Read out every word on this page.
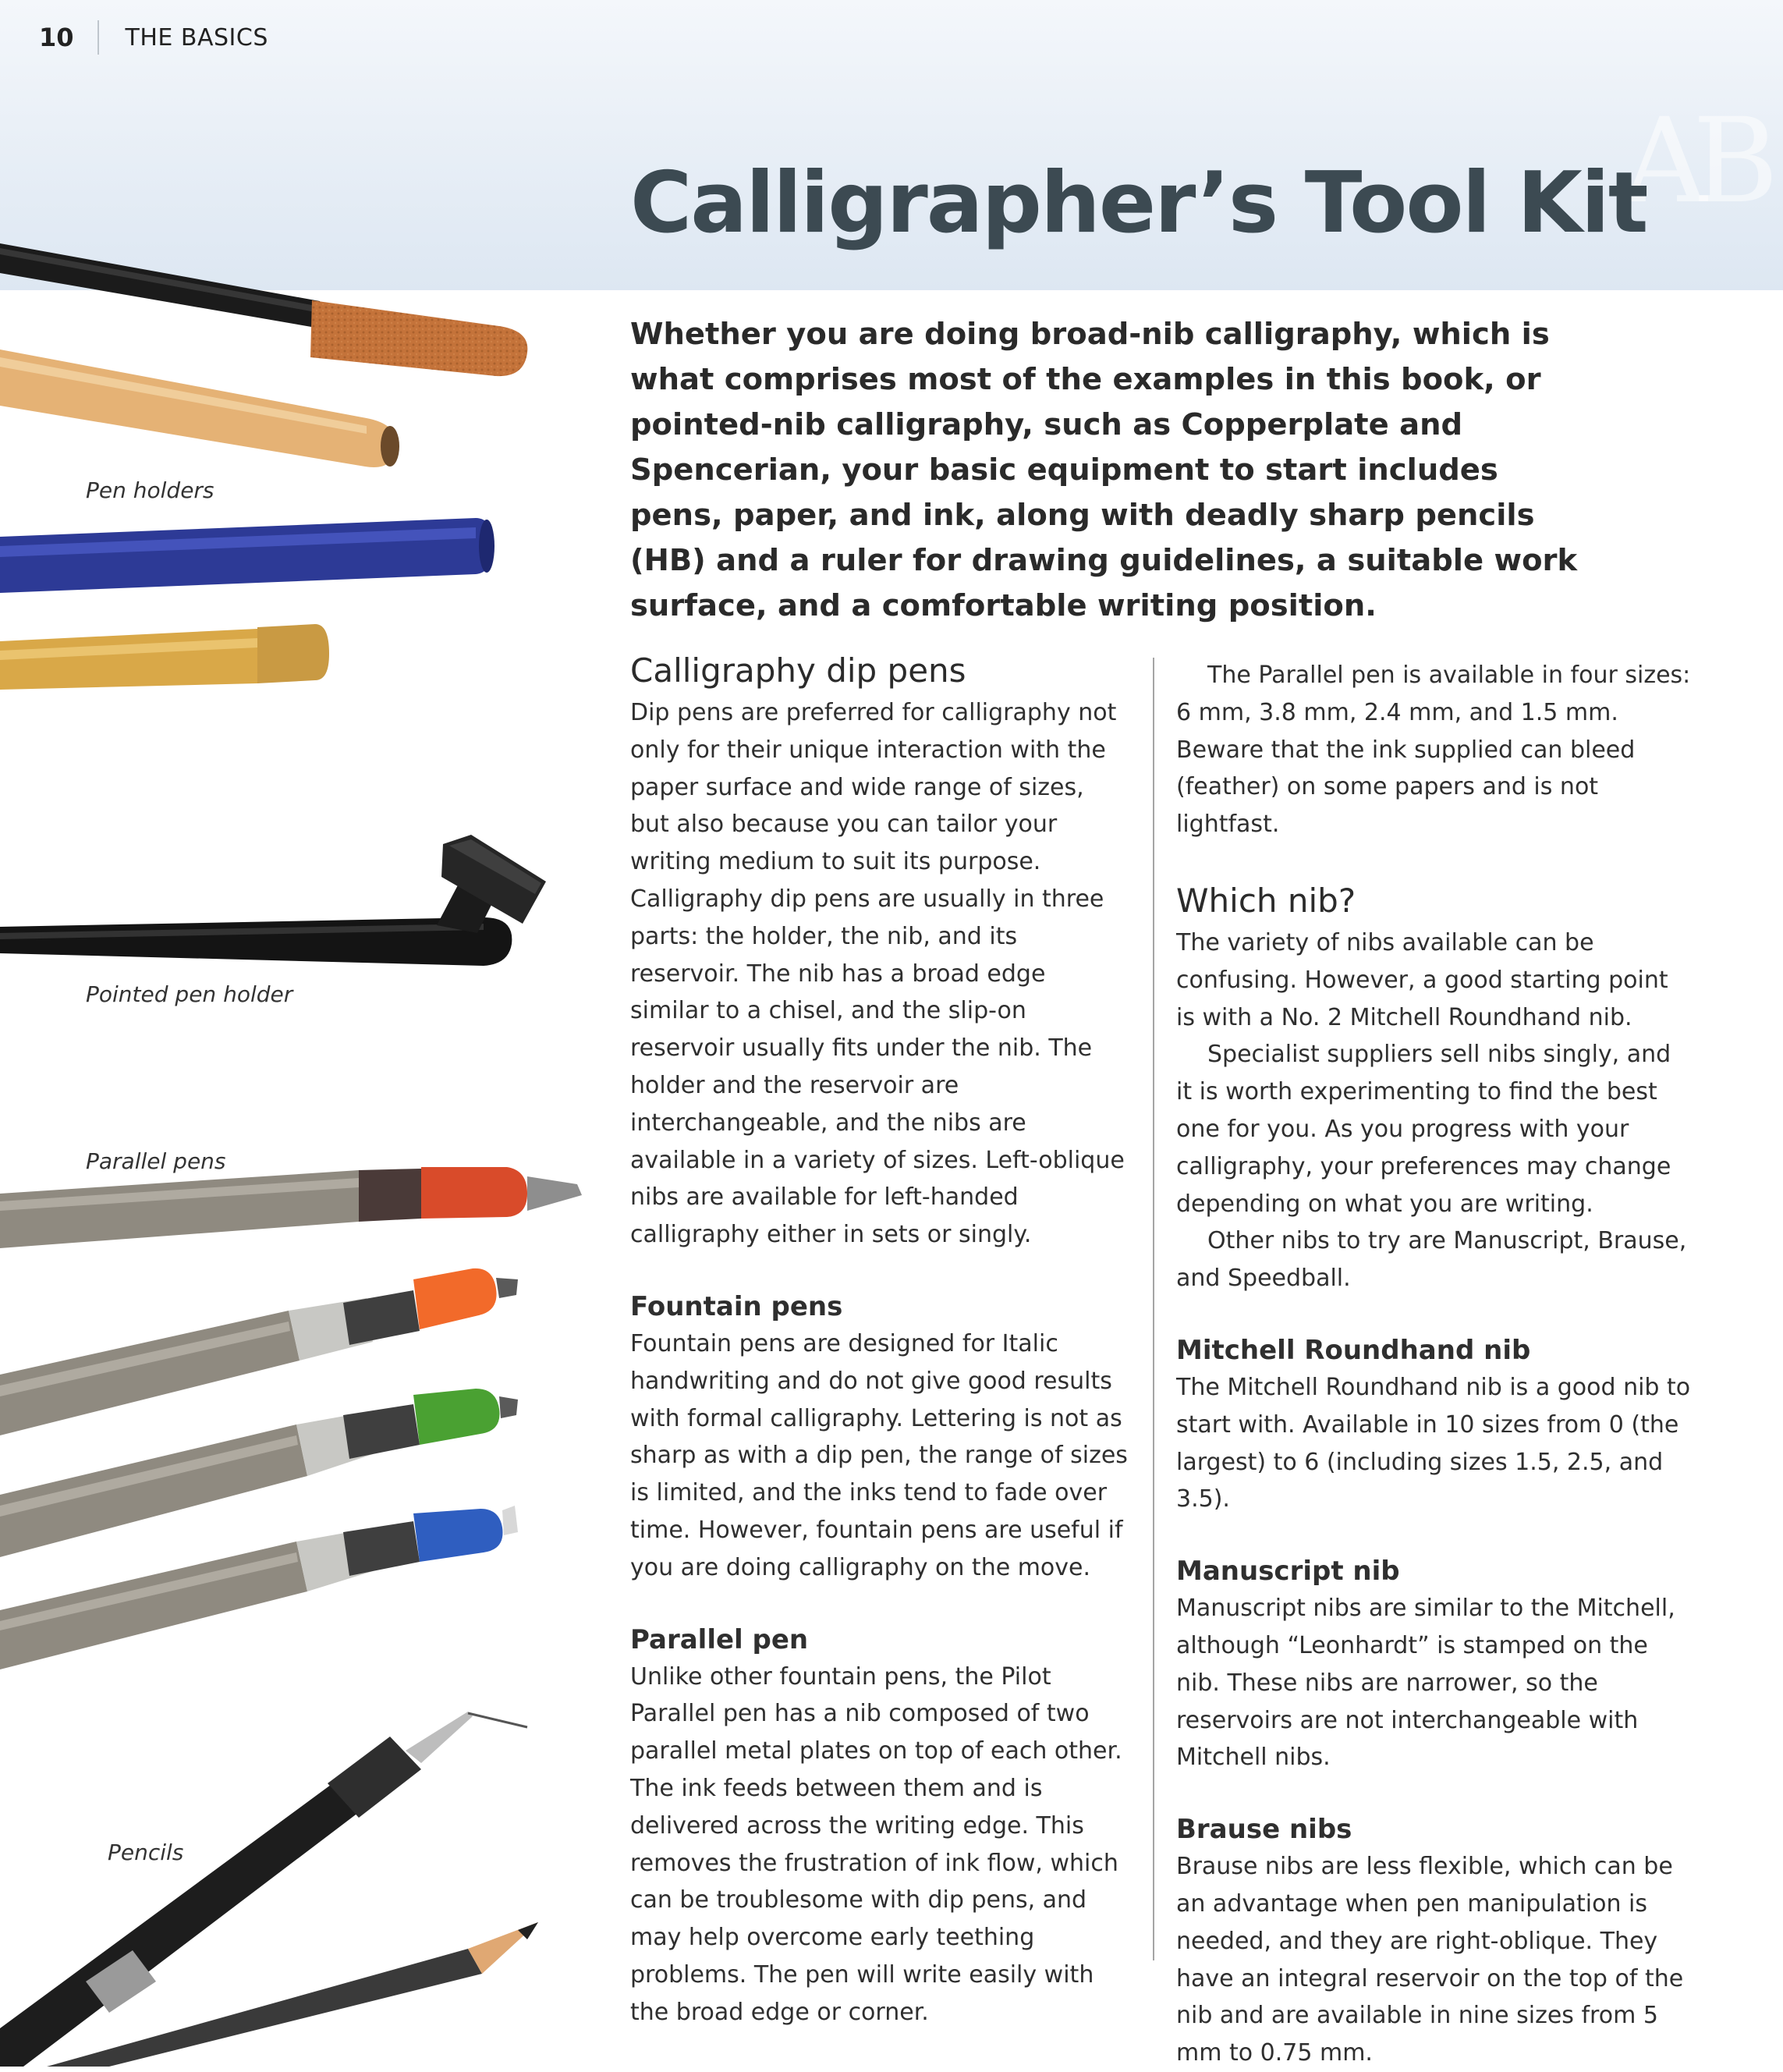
A
B
10 THE BASICS
Calligrapher’s Tool Kit

Whether you are doing broad-nib calligraphy, which is what comprises most of the examples in this book, or pointed-nib calligraphy, such as Copperplate and Spencerian, your basic equipment to start includes pens, paper, and ink, along with deadly sharp pencils (HB) and a ruler for drawing guidelines, a suitable work surface, and a comfortable writing position.

Pen holders
Pointed pen holder
Parallel pens
Pencils
Calligraphy dip pens

Dip pens are preferred for calligraphy not only for their unique interaction with the paper surface and wide range of sizes, but also because you can tailor your writing medium to suit its purpose. Calligraphy dip pens are usually in three parts: the holder, the nib, and its reservoir. The nib has a broad edge similar to a chisel, and the slip-on reservoir usually fits under the nib. The holder and the reservoir are interchangeable, and the nibs are available in a variety of sizes. Left-oblique nibs are available for left-handed calligraphy either in sets or singly.

Fountain pens

Fountain pens are designed for Italic handwriting and do not give good results with formal calligraphy. Lettering is not as sharp as with a dip pen, the range of sizes is limited, and the inks tend to fade over time. However, fountain pens are useful if you are doing calligraphy on the move.

Parallel pen

Unlike other fountain pens, the Pilot Parallel pen has a nib composed of two parallel metal plates on top of each other. The ink feeds between them and is delivered across the writing edge. This removes the frustration of ink flow, which can be troublesome with dip pens, and may help overcome early teething problems. The pen will write easily with the broad edge or corner.

The Parallel pen is available in four sizes: 6 mm, 3.8 mm, 2.4 mm, and 1.5 mm. Beware that the ink supplied can bleed (feather) on some papers and is not lightfast.

Which nib?

The variety of nibs available can be confusing. However, a good starting point is with a No. 2 Mitchell Roundhand nib.

Specialist suppliers sell nibs singly, and it is worth experimenting to find the best one for you. As you progress with your calligraphy, your preferences may change depending on what you are writing.

Other nibs to try are Manuscript, Brause, and Speedball.

Mitchell Roundhand nib

The Mitchell Roundhand nib is a good nib to start with. Available in 10 sizes from 0 (the largest) to 6 (including sizes 1.5, 2.5, and 3.5).

Manuscript nib

Manuscript nibs are similar to the Mitchell, although “Leonhardt” is stamped on the nib. These nibs are narrower, so the reservoirs are not interchangeable with Mitchell nibs.

Brause nibs

Brause nibs are less flexible, which can be an advantage when pen manipulation is needed, and they are right-oblique. They have an integral reservoir on the top of the nib and are available in nine sizes from 5 mm to 0.75 mm.
